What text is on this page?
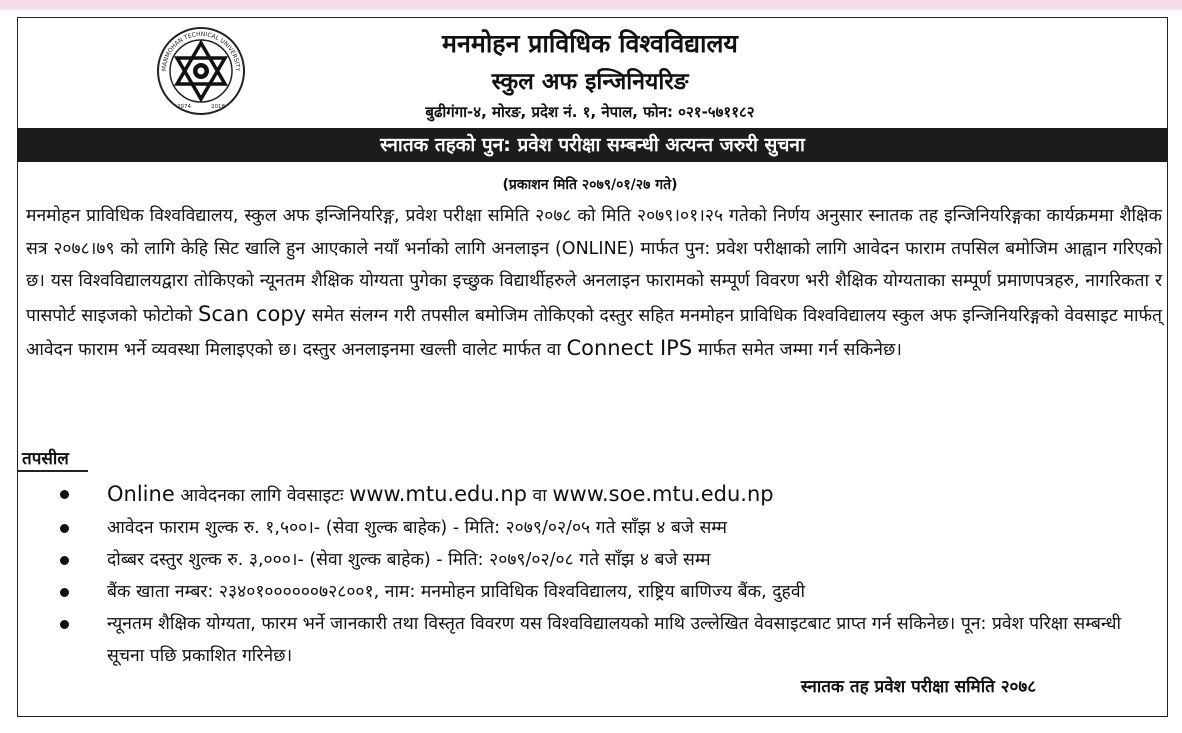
MANMOHAN TECHNICAL UNIVERSITY
2074	2018
मनमोहन प्राविधिक विश्वविद्यालय
स्कुल अफ इन्जिनियरिङ
बुढीगंगा-४, मोरङ, प्रदेश नं. १, नेपाल, फोन: ०२१-५७११८२
स्नातक तहको पुन: प्रवेश परीक्षा सम्बन्धी अत्यन्त जरुरी सुचना
(प्रकाशन मिति २०७९/०१/२७ गते)
मनमोहन प्राविधिक विश्वविद्यालय, स्कुल अफ इन्जिनियरिङ्ग, प्रवेश परीक्षा समिति २०७८ को मिति २०७९।०१।२५ गतेको निर्णय अनुसार स्नातक तह इन्जिनियरिङ्गका कार्यक्रममा शैक्षिक सत्र २०७८।७९ को लागि केहि सिट खालि हुन आएकाले नयाँ भर्नाको लागि अनलाइन (ONLINE) मार्फत पुन: प्रवेश परीक्षाको लागि आवेदन फाराम तपसिल बमोजिम आह्वान गरिएको छ। यस विश्वविद्यालयद्वारा तोकिएको न्यूनतम शैक्षिक योग्यता पुगेका इच्छुक विद्यार्थीहरुले अनलाइन फारामको सम्पूर्ण विवरण भरी शैक्षिक योग्यताका सम्पूर्ण प्रमाणपत्रहरु, नागरिकता र पासपोर्ट साइजको फोटोको Scan copy समेत संलग्न गरी तपसील बमोजिम तोकिएको दस्तुर सहित मनमोहन प्राविधिक विश्वविद्यालय स्कुल अफ इन्जिनियरिङ्गको वेवसाइट मार्फत् आवेदन फाराम भर्ने व्यवस्था मिलाइएको छ। दस्तुर अनलाइनमा खल्ती वालेट मार्फत वा Connect IPS मार्फत समेत जम्मा गर्न सकिनेछ।
तपसील
Online आवेदनका लागि वेवसाइटः www.mtu.edu.np वा www.soe.mtu.edu.np
आवेदन फाराम शुल्क रु. १,५००।- (सेवा शुल्क बाहेक) - मिति: २०७९/०२/०५ गते साँझ ४ बजे सम्म
दोब्बर दस्तुर शुल्क रु. ३,०००।- (सेवा शुल्क बाहेक) - मिति: २०७९/०२/०८ गते साँझ ४ बजे सम्म
बैंक खाता नम्बर: २३४०१००००००७२८००१, नाम: मनमोहन प्राविधिक विश्वविद्यालय, राष्ट्रिय बाणिज्य बैंक, दुहवी
न्यूनतम शैक्षिक योग्यता, फारम भर्ने जानकारी तथा विस्तृत विवरण यस विश्वविद्यालयको माथि उल्लेखित वेवसाइटबाट प्राप्त गर्न सकिनेछ। पून: प्रवेश परिक्षा सम्बन्धी सूचना पछि प्रकाशित गरिनेछ।
स्नातक तह प्रवेश परीक्षा समिति २०७८
